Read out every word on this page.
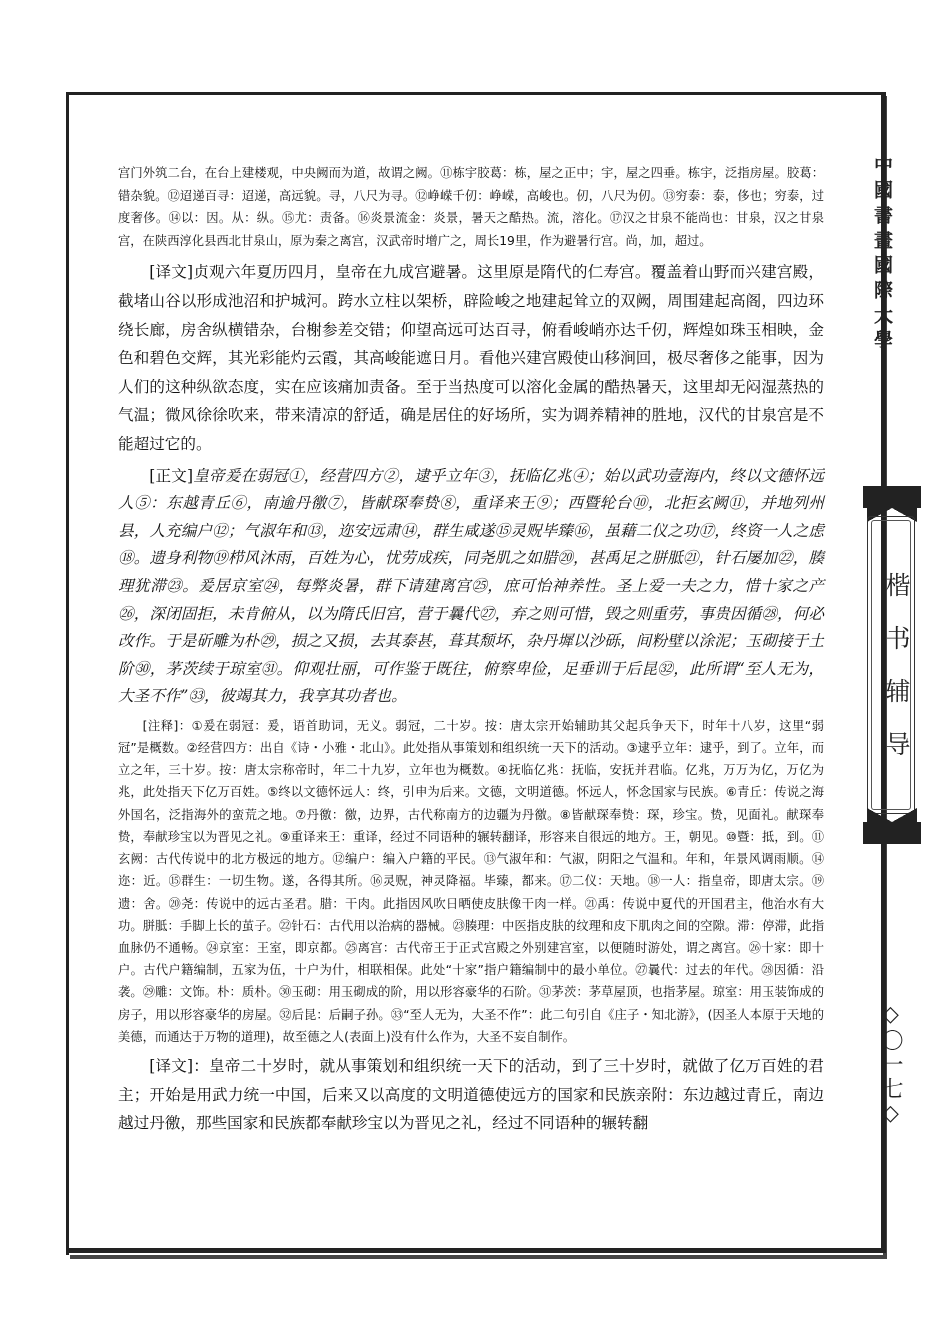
宫门外筑二台，在台上建楼观，中央阙而为道，故谓之阙。⑪栋宇胶葛：栋，屋之正中；宇，屋之四垂。栋宇，泛指房屋。胶葛：错杂貌。⑫迢递百寻：迢递，高远貌。寻，八尺为寻。⑫峥嵘千仞：峥嵘，高峻也。仞，八尺为仞。⑬穷泰：泰，侈也；穷泰，过度奢侈。⑭以：因。从：纵。⑮尤：责备。⑯炎景流金：炎景，暑天之酷热。流，溶化。⑰汉之甘泉不能尚也：甘泉，汉之甘泉宫，在陕西淳化县西北甘泉山，原为秦之离宫，汉武帝时增广之，周长19里，作为避暑行宫。尚，加，超过。

[译文]贞观六年夏历四月，皇帝在九成宫避暑。这里原是隋代的仁寿宫。覆盖着山野而兴建宫殿，截堵山谷以形成池沼和护城河。跨水立柱以架桥，辟险峻之地建起耸立的双阙，周围建起高阁，四边环绕长廊，房舍纵横错杂，台榭参差交错；仰望高远可达百寻，俯看峻峭亦达千仞，辉煌如珠玉相映，金色和碧色交辉，其光彩能灼云霞，其高峻能遮日月。看他兴建宫殿使山移涧回，极尽奢侈之能事，因为人们的这种纵欲态度，实在应该痛加责备。至于当热度可以溶化金属的酷热暑天，这里却无闷湿蒸热的气温；微风徐徐吹来，带来清凉的舒适，确是居住的好场所，实为调养精神的胜地，汉代的甘泉宫是不能超过它的。

[正文]皇帝爰在弱冠①，经营四方②，逮乎立年③，抚临亿兆④；始以武功壹海内，终以文德怀远人⑤：东越青丘⑥，南逾丹徼⑦，皆献琛奉贽⑧，重译来王⑨；西暨轮台⑩，北拒玄阙⑪，并地列州县，人充编户⑫；气淑年和⑬，迩安远肃⑭，群生咸遂⑮灵贶毕臻⑯，虽藉二仪之功⑰，终资一人之虑⑱。遗身利物⑲栉风沐雨，百姓为心，忧劳成疾，同尧肌之如腊⑳，甚禹足之胼胝㉑，针石屡加㉒，腠理犹滞㉓。爰居京室㉔，每弊炎暑，群下请建离宫㉕，庶可怡神养性。圣上爱一夫之力，惜十家之产㉖，深闭固拒，未肯俯从，以为隋氏旧宫，营于曩代㉗，弃之则可惜，毁之则重劳，事贵因循㉘，何必改作。于是斫雕为朴㉙，损之又损，去其泰甚，葺其颓坏，杂丹墀以沙砾，间粉壁以涂泥；玉砌接于土阶㉚，茅茨续于琼室㉛。仰观壮丽，可作鉴于既往，俯察卑俭，足垂训于后昆㉜，此所谓“至人无为，大圣不作”㉝，彼竭其力，我享其功者也。

[注释]：①爰在弱冠：爰，语首助词，无义。弱冠，二十岁。按：唐太宗开始辅助其父起兵争天下，时年十八岁，这里“弱冠”是概数。②经营四方：出自《诗・小雅・北山》。此处指从事策划和组织统一天下的活动。③逮乎立年：逮乎，到了。立年，而立之年，三十岁。按：唐太宗称帝时，年二十九岁，立年也为概数。④抚临亿兆：抚临，安抚并君临。亿兆，万万为亿，万亿为兆，此处指天下亿万百姓。⑤终以文德怀远人：终，引申为后来。文德，文明道德。怀远人，怀念国家与民族。⑥青丘：传说之海外国名，泛指海外的蛮荒之地。⑦丹徼：徼，边界，古代称南方的边疆为丹徼。⑧皆献琛奉贽：琛，珍宝。贽，见面礼。献琛奉贽，奉献珍宝以为晋见之礼。⑨重译来王：重译，经过不同语种的辗转翻译，形容来自很远的地方。王，朝见。⑩暨：抵，到。⑪玄阙：古代传说中的北方极远的地方。⑫编户：编入户籍的平民。⑬气淑年和：气淑，阴阳之气温和。年和，年景风调雨顺。⑭迩：近。⑮群生：一切生物。遂，各得其所。⑯灵贶，神灵降福。毕臻，都来。⑰二仪：天地。⑱一人：指皇帝，即唐太宗。⑲遗：舍。⑳尧：传说中的远古圣君。腊：干肉。此指因风吹日晒使皮肤像干肉一样。㉑禹：传说中夏代的开国君主，他治水有大功。胼胝：手脚上长的茧子。㉒针石：古代用以治病的器械。㉓腠理：中医指皮肤的纹理和皮下肌肉之间的空隙。滞：停滞，此指血脉仍不通畅。㉔京室：王室，即京都。㉕离宫：古代帝王于正式宫殿之外别建宫室，以便随时游处，谓之离宫。㉖十家：即十户。古代户籍编制，五家为伍，十户为什，相联相保。此处“十家”指户籍编制中的最小单位。㉗曩代：过去的年代。㉘因循：沿袭。㉙雕：文饰。朴：质朴。㉚玉砌：用玉砌成的阶，用以形容豪华的石阶。㉛茅茨：茅草屋顶，也指茅屋。琼室：用玉装饰成的房子，用以形容豪华的房屋。㉜后昆：后嗣子孙。㉝“至人无为，大圣不作”：此二句引自《庄子・知北游》，(因圣人本原于天地的美德，而通达于万物的道理)，故至德之人(表面上)没有什么作为，大圣不妄自制作。

[译文]：皇帝二十岁时，就从事策划和组织统一天下的活动，到了三十岁时，就做了亿万百姓的君主；开始是用武力统一中国，后来又以高度的文明道德使远方的国家和民族亲附：东边越过青丘，南边越过丹徼，那些国家和民族都奉献珍宝以为晋见之礼，经过不同语种的辗转翻

中國書畫國際大學
楷书辅导
◇〇一七◇
